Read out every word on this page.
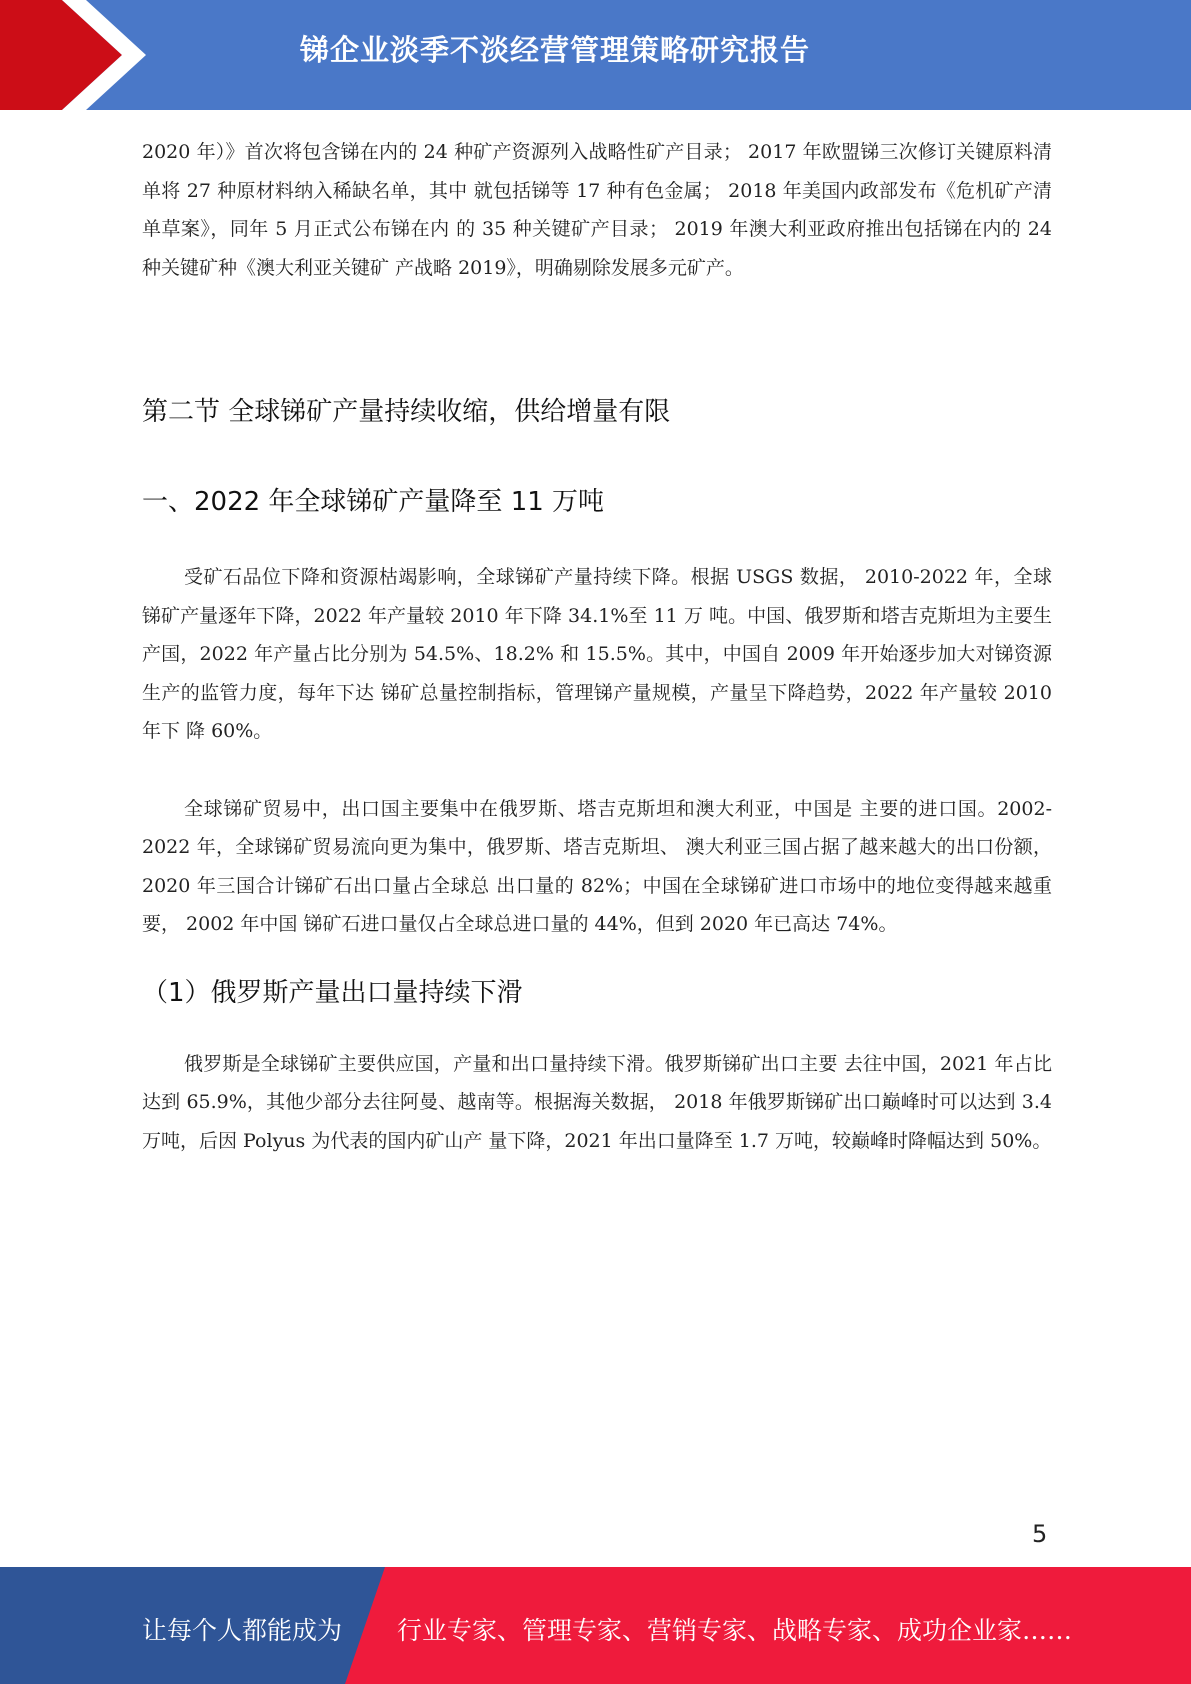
锑企业淡季不淡经营管理策略研究报告

2020 年）》首次将包含锑在内的 24 种矿产资源列入战略性矿产目录； 2017 年欧盟锑三次修订关键原料清单将 27 种原材料纳入稀缺名单，其中 就包括锑等 17 种有色金属； 2018 年美国内政部发布《危机矿产清单草案》，同年 5 月正式公布锑在内 的 35 种关键矿产目录； 2019 年澳大利亚政府推出包括锑在内的 24 种关键矿种《澳大利亚关键矿 产战略 2019》，明确剔除发展多元矿产。

第二节 全球锑矿产量持续收缩，供给增量有限
一、2022 年全球锑矿产量降至 11 万吨

受矿石品位下降和资源枯竭影响，全球锑矿产量持续下降。根据 USGS 数据， 2010-2022 年，全球锑矿产量逐年下降，2022 年产量较 2010 年下降 34.1%至 11 万 吨。中国、俄罗斯和塔吉克斯坦为主要生产国，2022 年产量占比分别为 54.5%、18.2% 和 15.5%。其中，中国自 2009 年开始逐步加大对锑资源生产的监管力度，每年下达 锑矿总量控制指标，管理锑产量规模，产量呈下降趋势，2022 年产量较 2010 年下 降 60%。

全球锑矿贸易中，出口国主要集中在俄罗斯、塔吉克斯坦和澳大利亚，中国是 主要的进口国。2002-2022 年，全球锑矿贸易流向更为集中，俄罗斯、塔吉克斯坦、 澳大利亚三国占据了越来越大的出口份额，2020 年三国合计锑矿石出口量占全球总 出口量的 82%；中国在全球锑矿进口市场中的地位变得越来越重要， 2002 年中国 锑矿石进口量仅占全球总进口量的 44%，但到 2020 年已高达 74%。

（1）俄罗斯产量出口量持续下滑

俄罗斯是全球锑矿主要供应国，产量和出口量持续下滑。俄罗斯锑矿出口主要 去往中国，2021 年占比达到 65.9%，其他少部分去往阿曼、越南等。根据海关数据， 2018 年俄罗斯锑矿出口巅峰时可以达到 3.4 万吨，后因 Polyus 为代表的国内矿山产 量下降，2021 年出口量降至 1.7 万吨，较巅峰时降幅达到 50%。

5
让每个人都能成为 行业专家、管理专家、营销专家、战略专家、成功企业家……
